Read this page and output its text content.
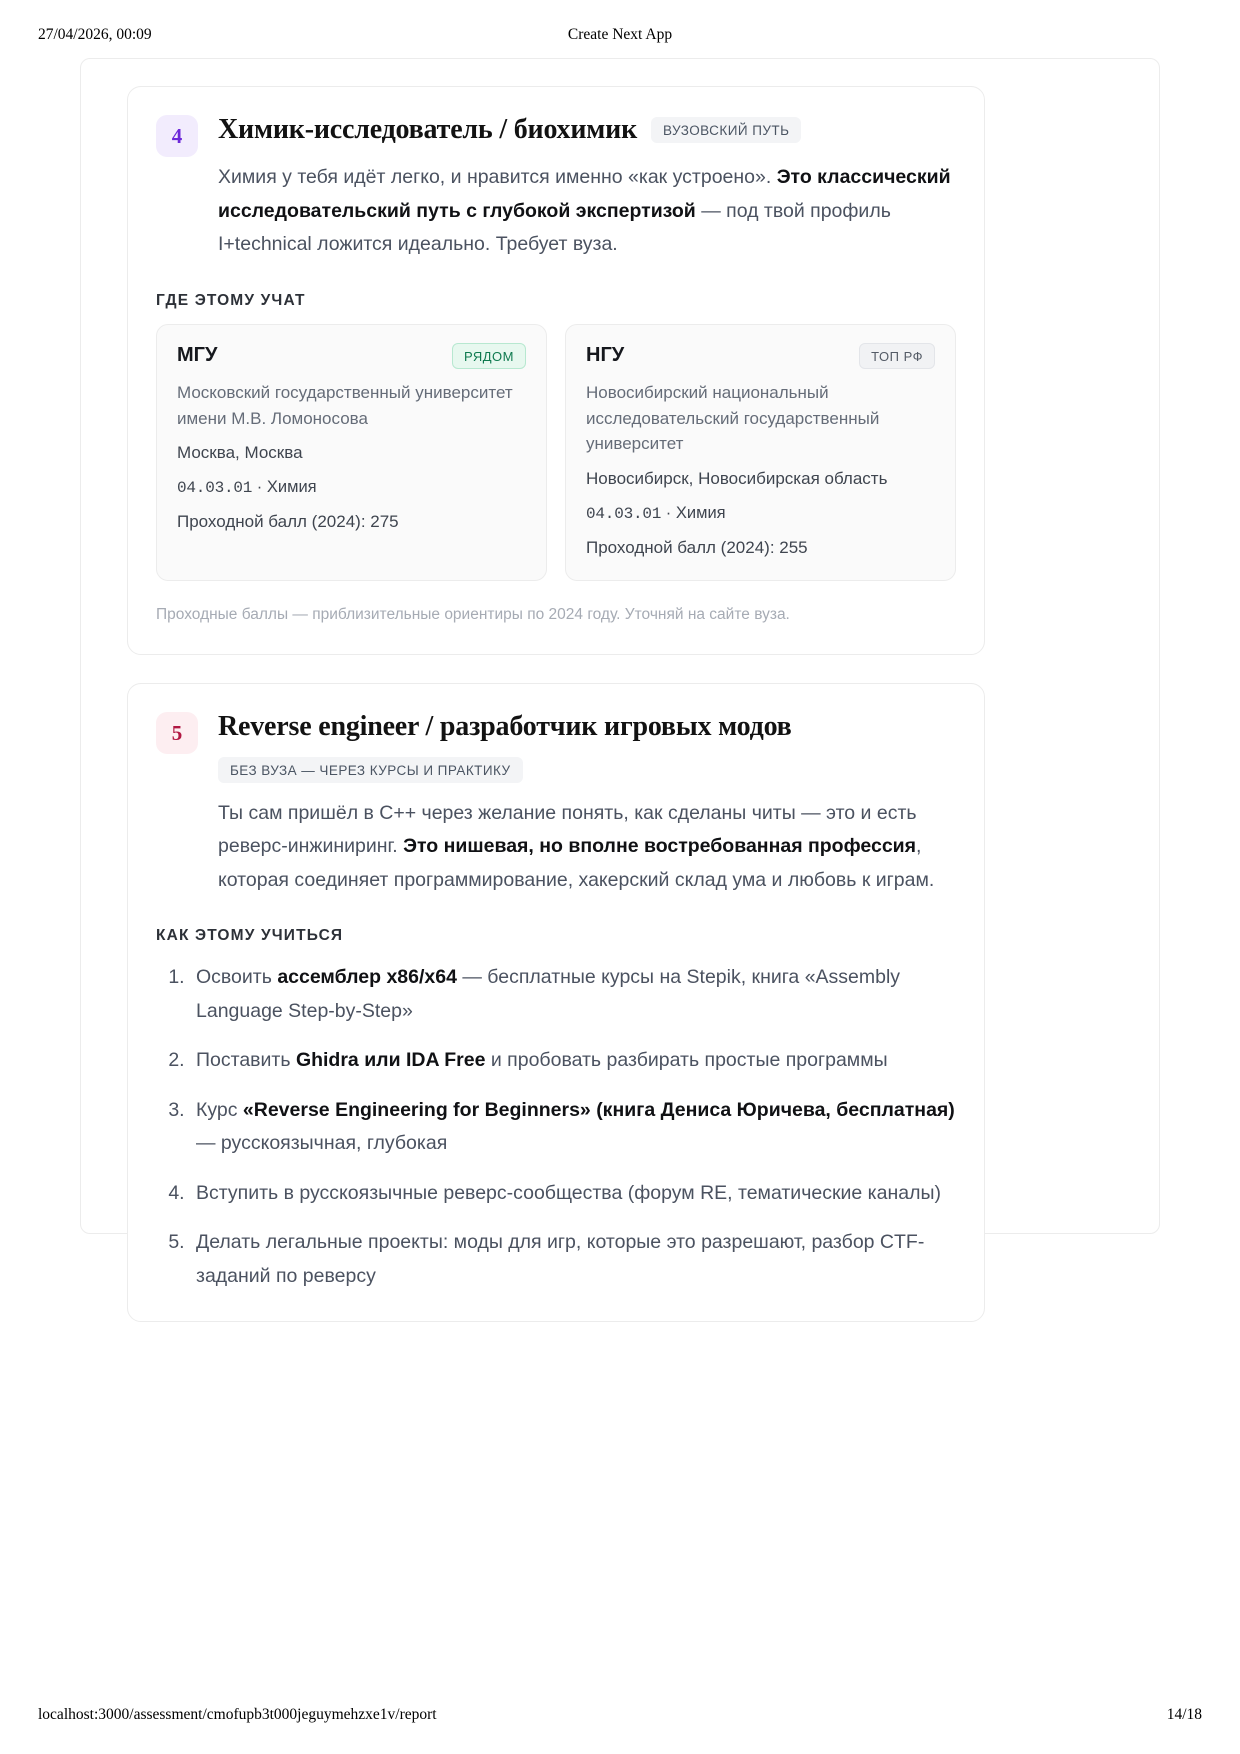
27/04/2026, 00:09	Create Next App
4	Химик-исследователь / биохимик	ВУЗОВСКИЙ ПУТЬ

Химия у тебя идёт легко, и нравится именно «как устроено». Это классический исследовательский путь с глубокой экспертизой — под твой профиль I+technical ложится идеально. Требует вуза.

ГДЕ ЭТОМУ УЧАТ
МГУ	РЯДОМ
Московский государственный университет имени М.В. Ломоносова
Москва, Москва
04.03.01 · Химия
Проходной балл (2024): 275
НГУ	ТОП РФ
Новосибирский национальный исследовательский государственный университет
Новосибирск, Новосибирская область
04.03.01 · Химия
Проходной балл (2024): 255
Проходные баллы — приблизительные ориентиры по 2024 году. Уточняй на сайте вуза.
5	Reverse engineer / разработчик игровых модов
БЕЗ ВУЗА — ЧЕРЕЗ КУРСЫ И ПРАКТИКУ

Ты сам пришёл в C++ через желание понять, как сделаны читы — это и есть реверс-инжиниринг. Это нишевая, но вполне востребованная профессия, которая соединяет программирование, хакерский склад ума и любовь к играм.

КАК ЭТОМУ УЧИТЬСЯ
1. Освоить ассемблер x86/x64 — бесплатные курсы на Stepik, книга «Assembly Language Step-by-Step»
2. Поставить Ghidra или IDA Free и пробовать разбирать простые программы
3. Курс «Reverse Engineering for Beginners» (книга Дениса Юричева, бесплатная) — русскоязычная, глубокая
4. Вступить в русскоязычные реверс-сообщества (форум RE, тематические каналы)
5. Делать легальные проекты: моды для игр, которые это разрешают, разбор CTF-заданий по реверсу
localhost:3000/assessment/cmofupb3t000jeguymehzxe1v/report	14/18
